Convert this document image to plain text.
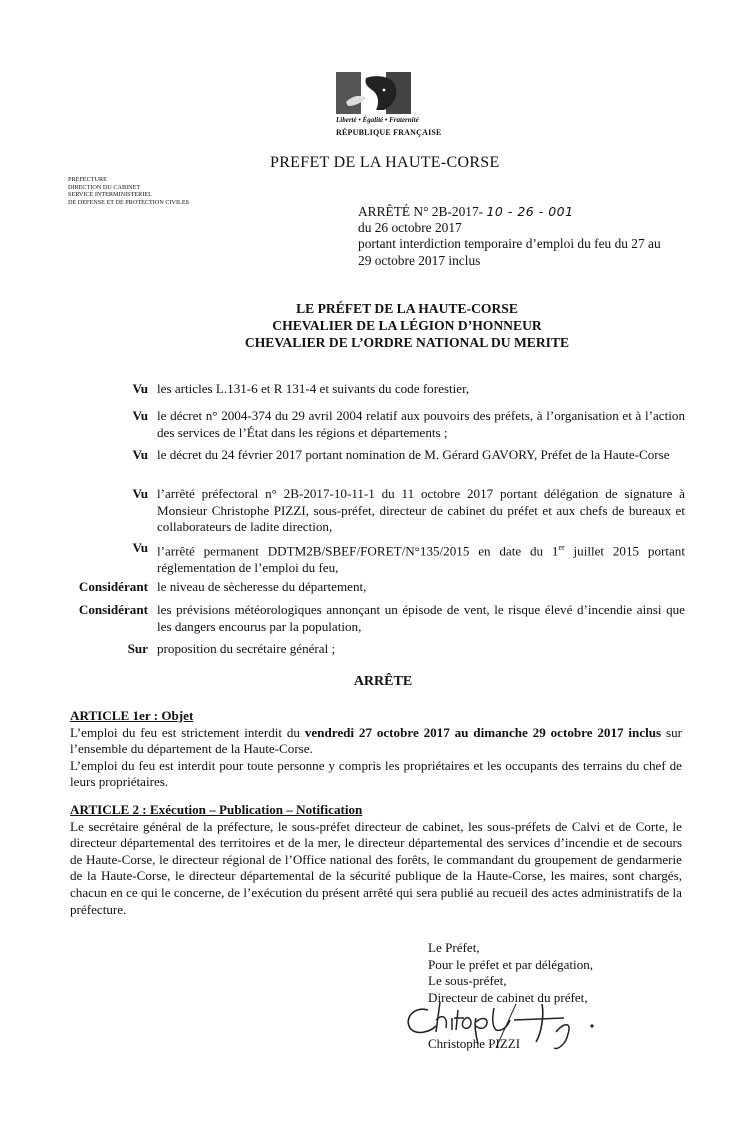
Liberté • Égalité • Fraternité
RÉPUBLIQUE FRANÇAISE
PREFET DE LA HAUTE-CORSE
PREFECTURE
DIRECTION DU CABINET
SERVICE INTERMINISTERIEL
DE DEFENSE ET DE PROTECTION CIVILES
ARRÊTÉ N° 2B-2017- 10 - 26 - 001
du 26 octobre 2017
portant interdiction temporaire d’emploi du feu du 27 au
29 octobre 2017 inclus
LE PRÉFET DE LA HAUTE-CORSE
CHEVALIER DE LA LÉGION D’HONNEUR
CHEVALIER DE L’ORDRE NATIONAL DU MERITE
Vu les articles L.131-6 et R 131-4 et suivants du code forestier,
Vu le décret n° 2004-374 du 29 avril 2004 relatif aux pouvoirs des préfets, à l’organisation et à l’action des services de l’État dans les régions et départements ;
Vu le décret du 24 février 2017 portant nomination de M. Gérard GAVORY, Préfet de la Haute-Corse
Vu l’arrêté préfectoral n° 2B-2017-10-11-1 du 11 octobre 2017 portant délégation de signature à Monsieur Christophe PIZZI, sous-préfet, directeur de cabinet du préfet et aux chefs de bureaux et collaborateurs de ladite direction,
Vu l’arrêté permanent DDTM2B/SBEF/FORET/N°135/2015 en date du 1er juillet 2015 portant réglementation de l’emploi du feu,
Considérant le niveau de sècheresse du département,
Considérant les prévisions météorologiques annonçant un épisode de vent, le risque élevé d’incendie ainsi que les dangers encourus par la population,
Sur proposition du secrétaire général ;
ARRÊTE
ARTICLE 1er : Objet
L’emploi du feu est strictement interdit du vendredi 27 octobre 2017 au dimanche 29 octobre 2017 inclus sur l’ensemble du département de la Haute-Corse.
L’emploi du feu est interdit pour toute personne y compris les propriétaires et les occupants des terrains du chef de leurs propriétaires.
ARTICLE 2 : Exécution – Publication – Notification
Le secrétaire général de la préfecture, le sous-préfet directeur de cabinet, les sous-préfets de Calvi et de Corte, le directeur départemental des territoires et de la mer, le directeur départemental des services d’incendie et de secours de Haute-Corse, le directeur régional de l’Office national des forêts, le commandant du groupement de gendarmerie de la Haute-Corse, le directeur départemental de la sécurité publique de la Haute-Corse, les maires, sont chargés, chacun en ce qui le concerne, de l’exécution du présent arrêté qui sera publié au recueil des actes administratifs de la préfecture.
Le Préfet,
Pour le préfet et par délégation,
Le sous-préfet,
Directeur de cabinet du préfet,
Christophe PIZZI
